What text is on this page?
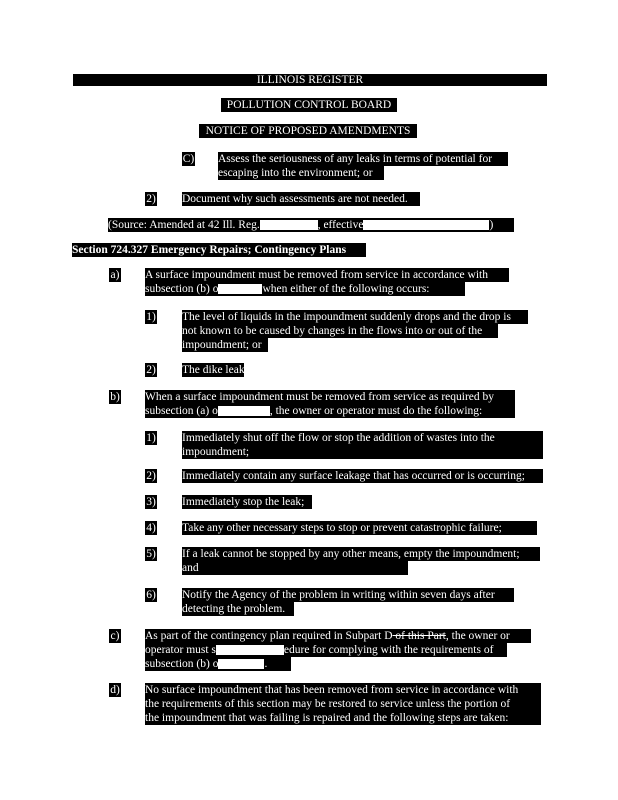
ILLINOIS REGISTER
POLLUTION CONTROL BOARD
NOTICE OF PROPOSED AMENDMENTS
C) Assess the seriousness of any leaks in terms of potential for
escaping into the environment; or
2) Document why such assessments are not needed.
(Source: Amended at 42 Ill. Reg.	, effective	)
Section 724.327 Emergency Repairs; Contingency Plans
a) A surface impoundment must be removed from service in accordance with
subsection (b) o	when either of the following occurs:
1) The level of liquids in the impoundment suddenly drops and the drop is
not known to be caused by changes in the flows into or out of the
impoundment; or
2) The dike leaks.
b) When a surface impoundment must be removed from service as required by
subsection (a) o	, the owner or operator must do the following:
1) Immediately shut off the flow or stop the addition of wastes into the
impoundment;
2) Immediately contain any surface leakage that has occurred or is occurring;
3) Immediately stop the leak;
4) Take any other necessary steps to stop or prevent catastrophic failure;
5) If a leak cannot be stopped by any other means, empty the impoundment;
and
6) Notify the Agency of the problem in writing within seven days after
detecting the problem.
c) As part of the contingency plan required in Subpart D of this Part, the owner or
operator must s	edure for complying with the requirements of
subsection (b) o	.
d) No surface impoundment that has been removed from service in accordance with
the requirements of this section may be restored to service unless the portion of
the impoundment that was failing is repaired and the following steps are taken:
